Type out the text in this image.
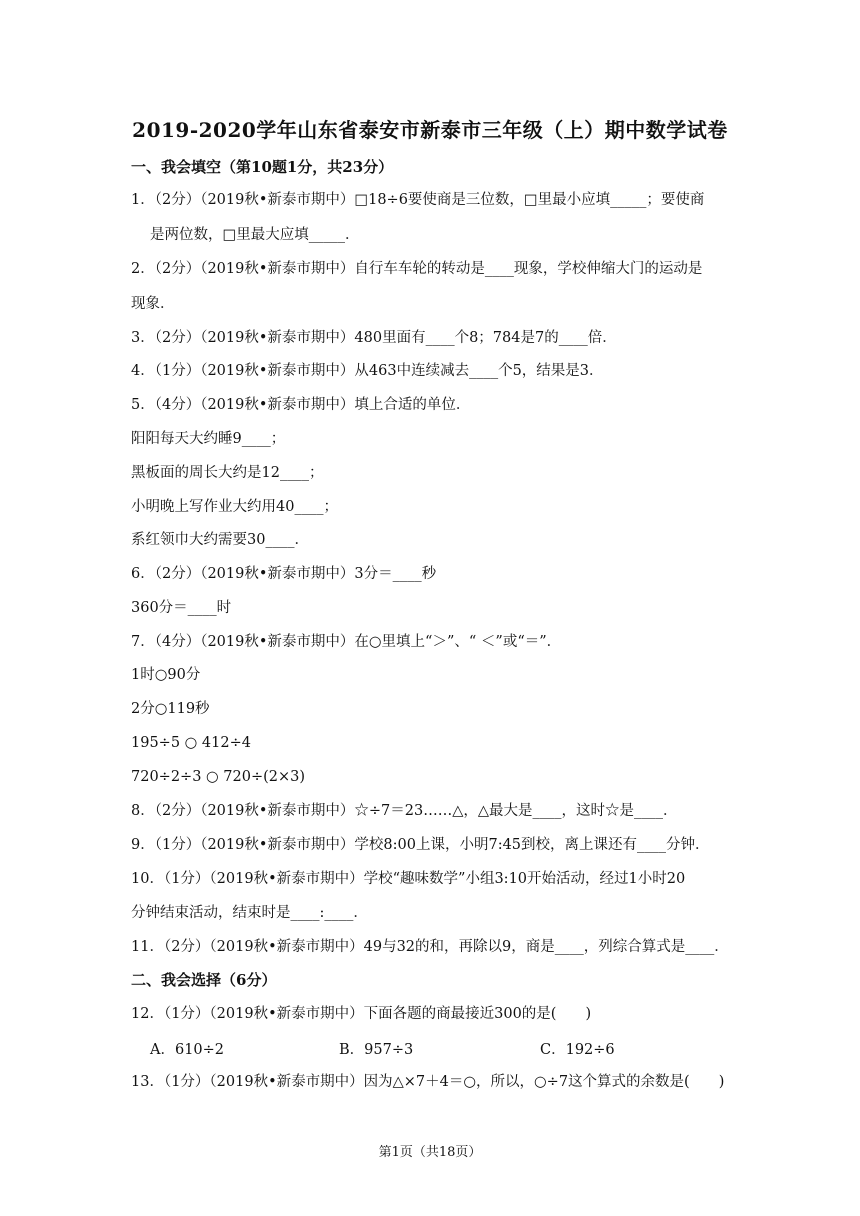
2019-2020学年山东省泰安市新泰市三年级（上）期中数学试卷
一、我会填空（第10题1分，共23分）
1．（2分）（2019秋•新泰市期中）□18÷6要使商是三位数，□里最小应填_____；要使商
是两位数，□里最大应填_____．
2．（2分）（2019秋•新泰市期中）自行车车轮的转动是____现象，学校伸缩大门的运动是
现象．
3．（2分）（2019秋•新泰市期中）480里面有____个8；784是7的____倍．
4．（1分）（2019秋•新泰市期中）从463中连续减去____个5，结果是3．
5．（4分）（2019秋•新泰市期中）填上合适的单位．
阳阳每天大约睡9____；
黑板面的周长大约是12____；
小明晚上写作业大约用40____；
系红领巾大约需要30____．
6．（2分）（2019秋•新泰市期中）3分＝____秒
360分＝____时
7．（4分）（2019秋•新泰市期中）在○里填上“＞”、“ ＜”或“＝”．
1时○90分
2分○119秒
195÷5 ○ 412÷4
720÷2÷3 ○ 720÷(2×3)
8．（2分）（2019秋•新泰市期中）☆÷7＝23……△，△最大是____，这时☆是____．
9．（1分）（2019秋•新泰市期中）学校8:00上课，小明7:45到校，离上课还有____分钟．
10．（1分）（2019秋•新泰市期中）学校“趣味数学”小组3:10开始活动，经过1小时20
分钟结束活动，结束时是____:____．
11．（2分）（2019秋•新泰市期中）49与32的和，再除以9，商是____，列综合算式是____．
二、我会选择（6分）
12．（1分）（2019秋•新泰市期中）下面各题的商最接近300的是(　　)
A．610÷2	B．957÷3	C．192÷6
13．（1分）（2019秋•新泰市期中）因为△×7＋4＝○，所以，○÷7这个算式的余数是(　　)
第1页（共18页）
